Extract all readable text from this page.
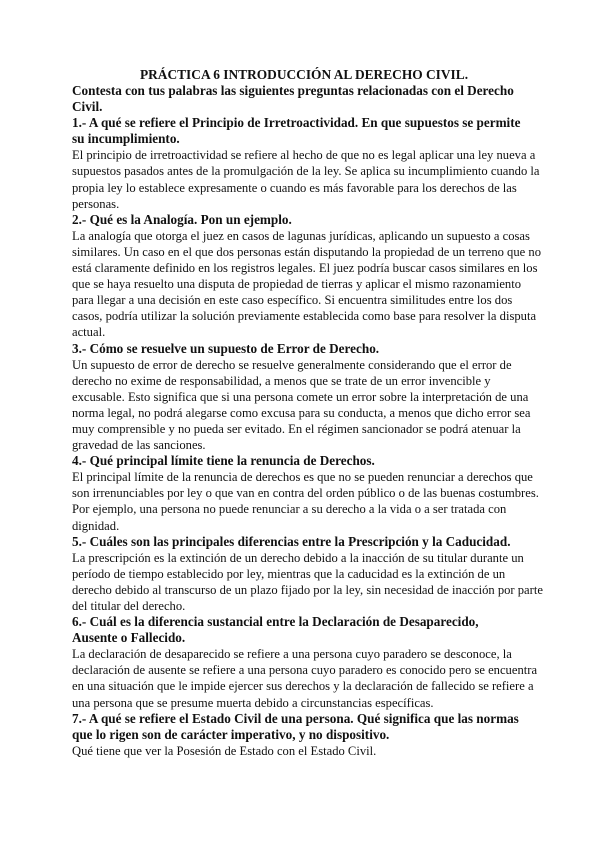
PRÁCTICA 6 INTRODUCCIÓN AL DERECHO CIVIL.
Contesta con tus palabras las siguientes preguntas relacionadas con el Derecho
Civil.
1.- A qué se refiere el Principio de Irretroactividad. En que supuestos se permite
su incumplimiento.
El principio de irretroactividad se refiere al hecho de que no es legal aplicar una ley nueva a
supuestos pasados antes de la promulgación de la ley. Se aplica su incumplimiento cuando la
propia ley lo establece expresamente o cuando es más favorable para los derechos de las
personas.
2.- Qué es la Analogía. Pon un ejemplo.
La analogía que otorga el juez en casos de lagunas jurídicas, aplicando un supuesto a cosas
similares. Un caso en el que dos personas están disputando la propiedad de un terreno que no
está claramente definido en los registros legales. El juez podría buscar casos similares en los
que se haya resuelto una disputa de propiedad de tierras y aplicar el mismo razonamiento
para llegar a una decisión en este caso específico. Si encuentra similitudes entre los dos
casos, podría utilizar la solución previamente establecida como base para resolver la disputa
actual.
3.- Cómo se resuelve un supuesto de Error de Derecho.
Un supuesto de error de derecho se resuelve generalmente considerando que el error de
derecho no exime de responsabilidad, a menos que se trate de un error invencible y
excusable. Esto significa que si una persona comete un error sobre la interpretación de una
norma legal, no podrá alegarse como excusa para su conducta, a menos que dicho error sea
muy comprensible y no pueda ser evitado. En el régimen sancionador se podrá atenuar la
gravedad de las sanciones.
4.- Qué principal límite tiene la renuncia de Derechos.
El principal límite de la renuncia de derechos es que no se pueden renunciar a derechos que
son irrenunciables por ley o que van en contra del orden público o de las buenas costumbres.
Por ejemplo, una persona no puede renunciar a su derecho a la vida o a ser tratada con
dignidad.
5.- Cuáles son las principales diferencias entre la Prescripción y la Caducidad.
La prescripción es la extinción de un derecho debido a la inacción de su titular durante un
período de tiempo establecido por ley, mientras que la caducidad es la extinción de un
derecho debido al transcurso de un plazo fijado por la ley, sin necesidad de inacción por parte
del titular del derecho.
6.- Cuál es la diferencia sustancial entre la Declaración de Desaparecido,
Ausente o Fallecido.
La declaración de desaparecido se refiere a una persona cuyo paradero se desconoce, la
declaración de ausente se refiere a una persona cuyo paradero es conocido pero se encuentra
en una situación que le impide ejercer sus derechos y la declaración de fallecido se refiere a
una persona que se presume muerta debido a circunstancias específicas.
7.- A qué se refiere el Estado Civil de una persona. Qué significa que las normas
que lo rigen son de carácter imperativo, y no dispositivo.
Qué tiene que ver la Posesión de Estado con el Estado Civil.
